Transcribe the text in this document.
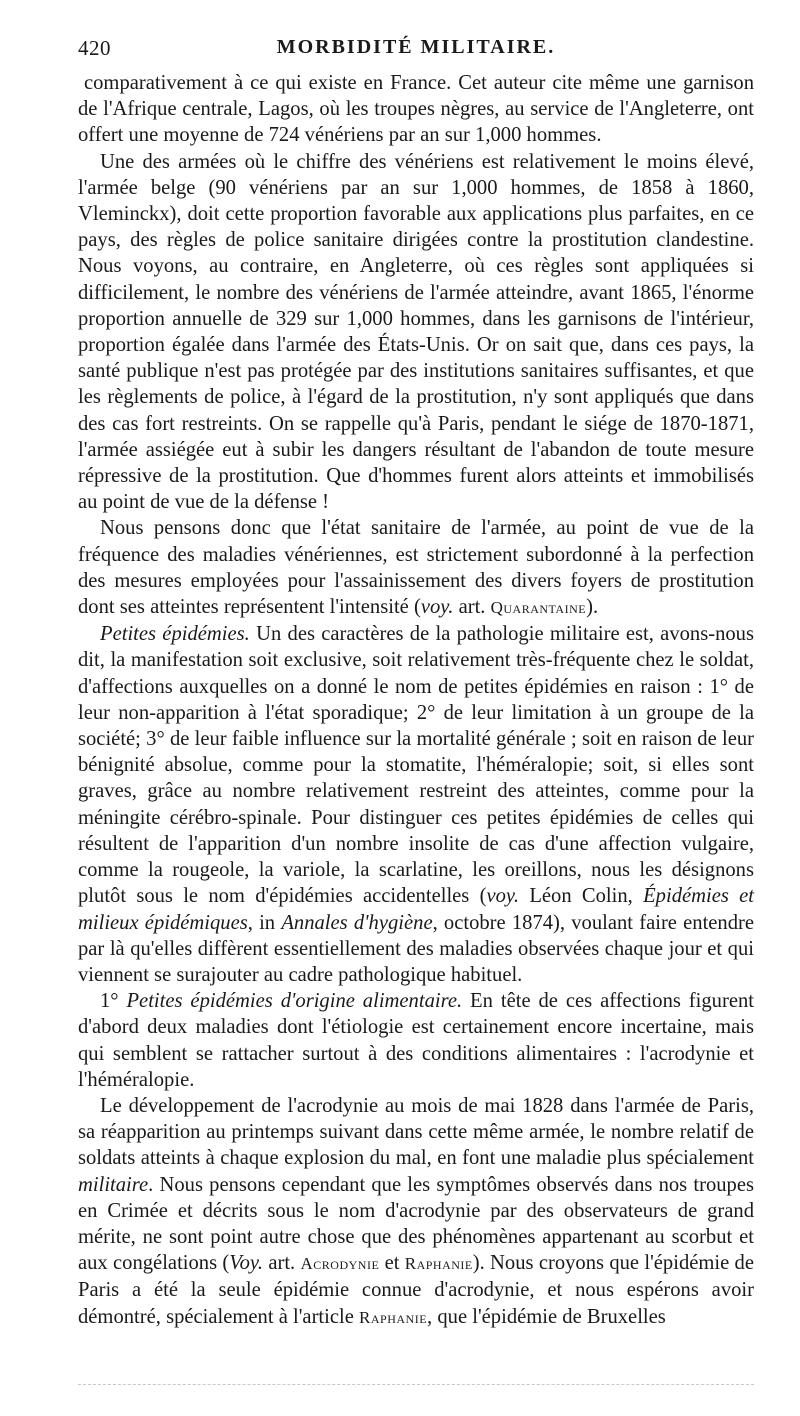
420	MORBIDITÉ MILITAIRE.

comparativement à ce qui existe en France. Cet auteur cite même une garnison de l'Afrique centrale, Lagos, où les troupes nègres, au service de l'Angleterre, ont offert une moyenne de 724 vénériens par an sur 1,000 hommes.

Une des armées où le chiffre des vénériens est relativement le moins élevé, l'armée belge (90 vénériens par an sur 1,000 hommes, de 1858 à 1860, Vleminckx), doit cette proportion favorable aux applications plus parfaites, en ce pays, des règles de police sanitaire dirigées contre la prostitution clandestine. Nous voyons, au contraire, en Angleterre, où ces règles sont appliquées si difficilement, le nombre des vénériens de l'armée atteindre, avant 1865, l'énorme proportion annuelle de 329 sur 1,000 hommes, dans les garnisons de l'intérieur, proportion égalée dans l'armée des États-Unis. Or on sait que, dans ces pays, la santé publique n'est pas protégée par des institutions sanitaires suffisantes, et que les règlements de police, à l'égard de la prostitution, n'y sont appliqués que dans des cas fort restreints. On se rappelle qu'à Paris, pendant le siége de 1870-1871, l'armée assiégée eut à subir les dangers résultant de l'abandon de toute mesure répressive de la prostitution. Que d'hommes furent alors atteints et immobilisés au point de vue de la défense !

Nous pensons donc que l'état sanitaire de l'armée, au point de vue de la fréquence des maladies vénériennes, est strictement subordonné à la perfection des mesures employées pour l'assainissement des divers foyers de prostitution dont ses atteintes représentent l'intensité (voy. art. Quarantaine).

Petites épidémies. Un des caractères de la pathologie militaire est, avons-nous dit, la manifestation soit exclusive, soit relativement très-fréquente chez le soldat, d'affections auxquelles on a donné le nom de petites épidémies en raison : 1° de leur non-apparition à l'état sporadique; 2° de leur limitation à un groupe de la société; 3° de leur faible influence sur la mortalité générale ; soit en raison de leur bénignité absolue, comme pour la stomatite, l'héméralopie; soit, si elles sont graves, grâce au nombre relativement restreint des atteintes, comme pour la méningite cérébro-spinale. Pour distinguer ces petites épidémies de celles qui résultent de l'apparition d'un nombre insolite de cas d'une affection vulgaire, comme la rougeole, la variole, la scarlatine, les oreillons, nous les désignons plutôt sous le nom d'épidémies accidentelles (voy. Léon Colin, Épidémies et milieux épidémiques, in Annales d'hygiène, octobre 1874), voulant faire entendre par là qu'elles diffèrent essentiellement des maladies observées chaque jour et qui viennent se surajouter au cadre pathologique habituel.

1° Petites épidémies d'origine alimentaire. En tête de ces affections figurent d'abord deux maladies dont l'étiologie est certainement encore incertaine, mais qui semblent se rattacher surtout à des conditions alimentaires : l'acrodynie et l'héméralopie.

Le développement de l'acrodynie au mois de mai 1828 dans l'armée de Paris, sa réapparition au printemps suivant dans cette même armée, le nombre relatif de soldats atteints à chaque explosion du mal, en font une maladie plus spécialement militaire. Nous pensons cependant que les symptômes observés dans nos troupes en Crimée et décrits sous le nom d'acrodynie par des observateurs de grand mérite, ne sont point autre chose que des phénomènes appartenant au scorbut et aux congélations (Voy. art. Acrodynie et Raphanie). Nous croyons que l'épidémie de Paris a été la seule épidémie connue d'acrodynie, et nous espérons avoir démontré, spécialement à l'article Raphanie, que l'épidémie de Bruxelles
